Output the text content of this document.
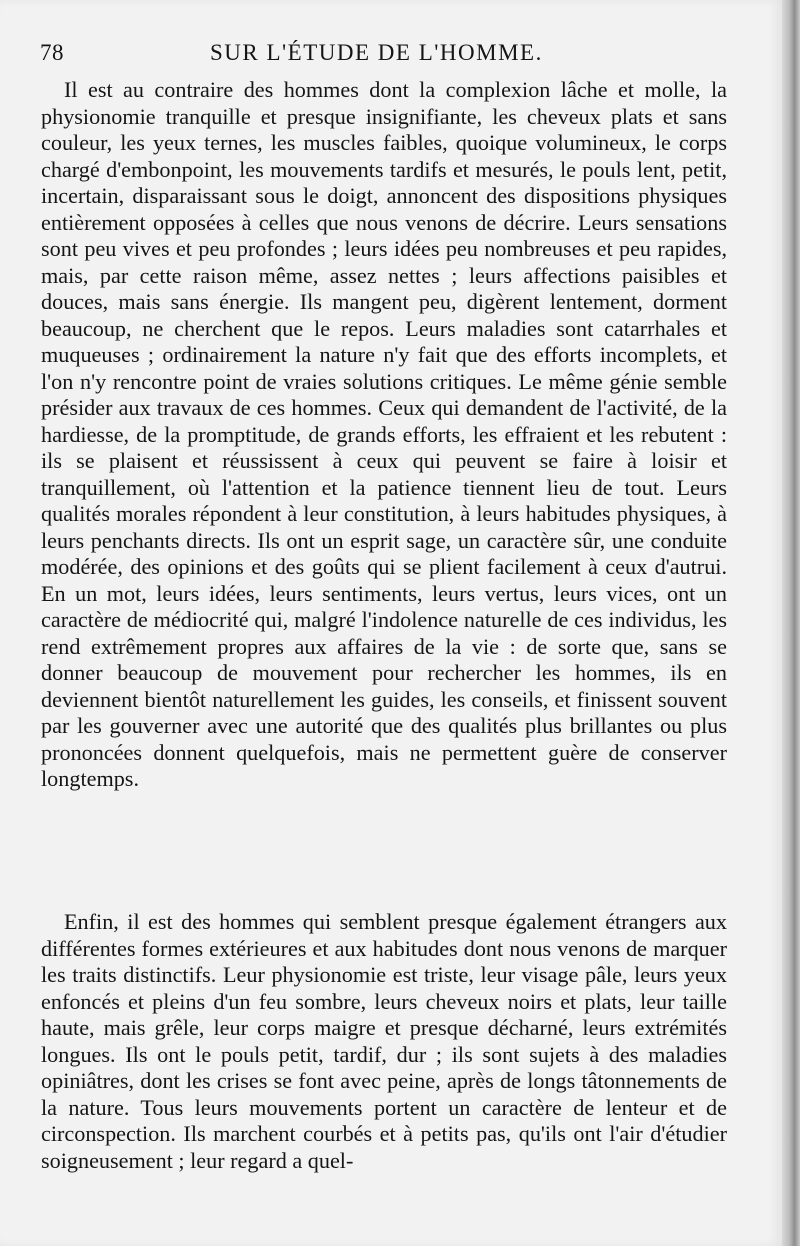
78	SUR L'ÉTUDE DE L'HOMME.
Il est au contraire des hommes dont la complexion lâche et molle, la physionomie tranquille et presque insignifiante, les cheveux plats et sans couleur, les yeux ternes, les muscles faibles, quoique volumineux, le corps chargé d'embonpoint, les mouvements tardifs et mesurés, le pouls lent, petit, incertain, disparaissant sous le doigt, annoncent des dispositions physiques entièrement opposées à celles que nous venons de décrire. Leurs sensations sont peu vives et peu profondes ; leurs idées peu nombreuses et peu rapides, mais, par cette raison même, assez nettes ; leurs affections paisibles et douces, mais sans énergie. Ils mangent peu, digèrent lentement, dorment beaucoup, ne cherchent que le repos. Leurs maladies sont catarrhales et muqueuses ; ordinairement la nature n'y fait que des efforts incomplets, et l'on n'y rencontre point de vraies solutions critiques. Le même génie semble présider aux travaux de ces hommes. Ceux qui demandent de l'activité, de la hardiesse, de la promptitude, de grands efforts, les effraient et les rebutent : ils se plaisent et réussissent à ceux qui peuvent se faire à loisir et tranquillement, où l'attention et la patience tiennent lieu de tout. Leurs qualités morales répondent à leur constitution, à leurs habitudes physiques, à leurs penchants directs. Ils ont un esprit sage, un caractère sûr, une conduite modérée, des opinions et des goûts qui se plient facilement à ceux d'autrui. En un mot, leurs idées, leurs sentiments, leurs vertus, leurs vices, ont un caractère de médiocrité qui, malgré l'indolence naturelle de ces individus, les rend extrêmement propres aux affaires de la vie : de sorte que, sans se donner beaucoup de mouvement pour rechercher les hommes, ils en deviennent bientôt naturellement les guides, les conseils, et finissent souvent par les gouverner avec une autorité que des qualités plus brillantes ou plus prononcées donnent quelquefois, mais ne permettent guère de conserver longtemps.
Enfin, il est des hommes qui semblent presque également étrangers aux différentes formes extérieures et aux habitudes dont nous venons de marquer les traits distinctifs. Leur physionomie est triste, leur visage pâle, leurs yeux enfoncés et pleins d'un feu sombre, leurs cheveux noirs et plats, leur taille haute, mais grêle, leur corps maigre et presque décharné, leurs extrémités longues. Ils ont le pouls petit, tardif, dur ; ils sont sujets à des maladies opiniâtres, dont les crises se font avec peine, après de longs tâtonnements de la nature. Tous leurs mouvements portent un caractère de lenteur et de circonspection. Ils marchent courbés et à petits pas, qu'ils ont l'air d'étudier soigneusement ; leur regard a quel-
